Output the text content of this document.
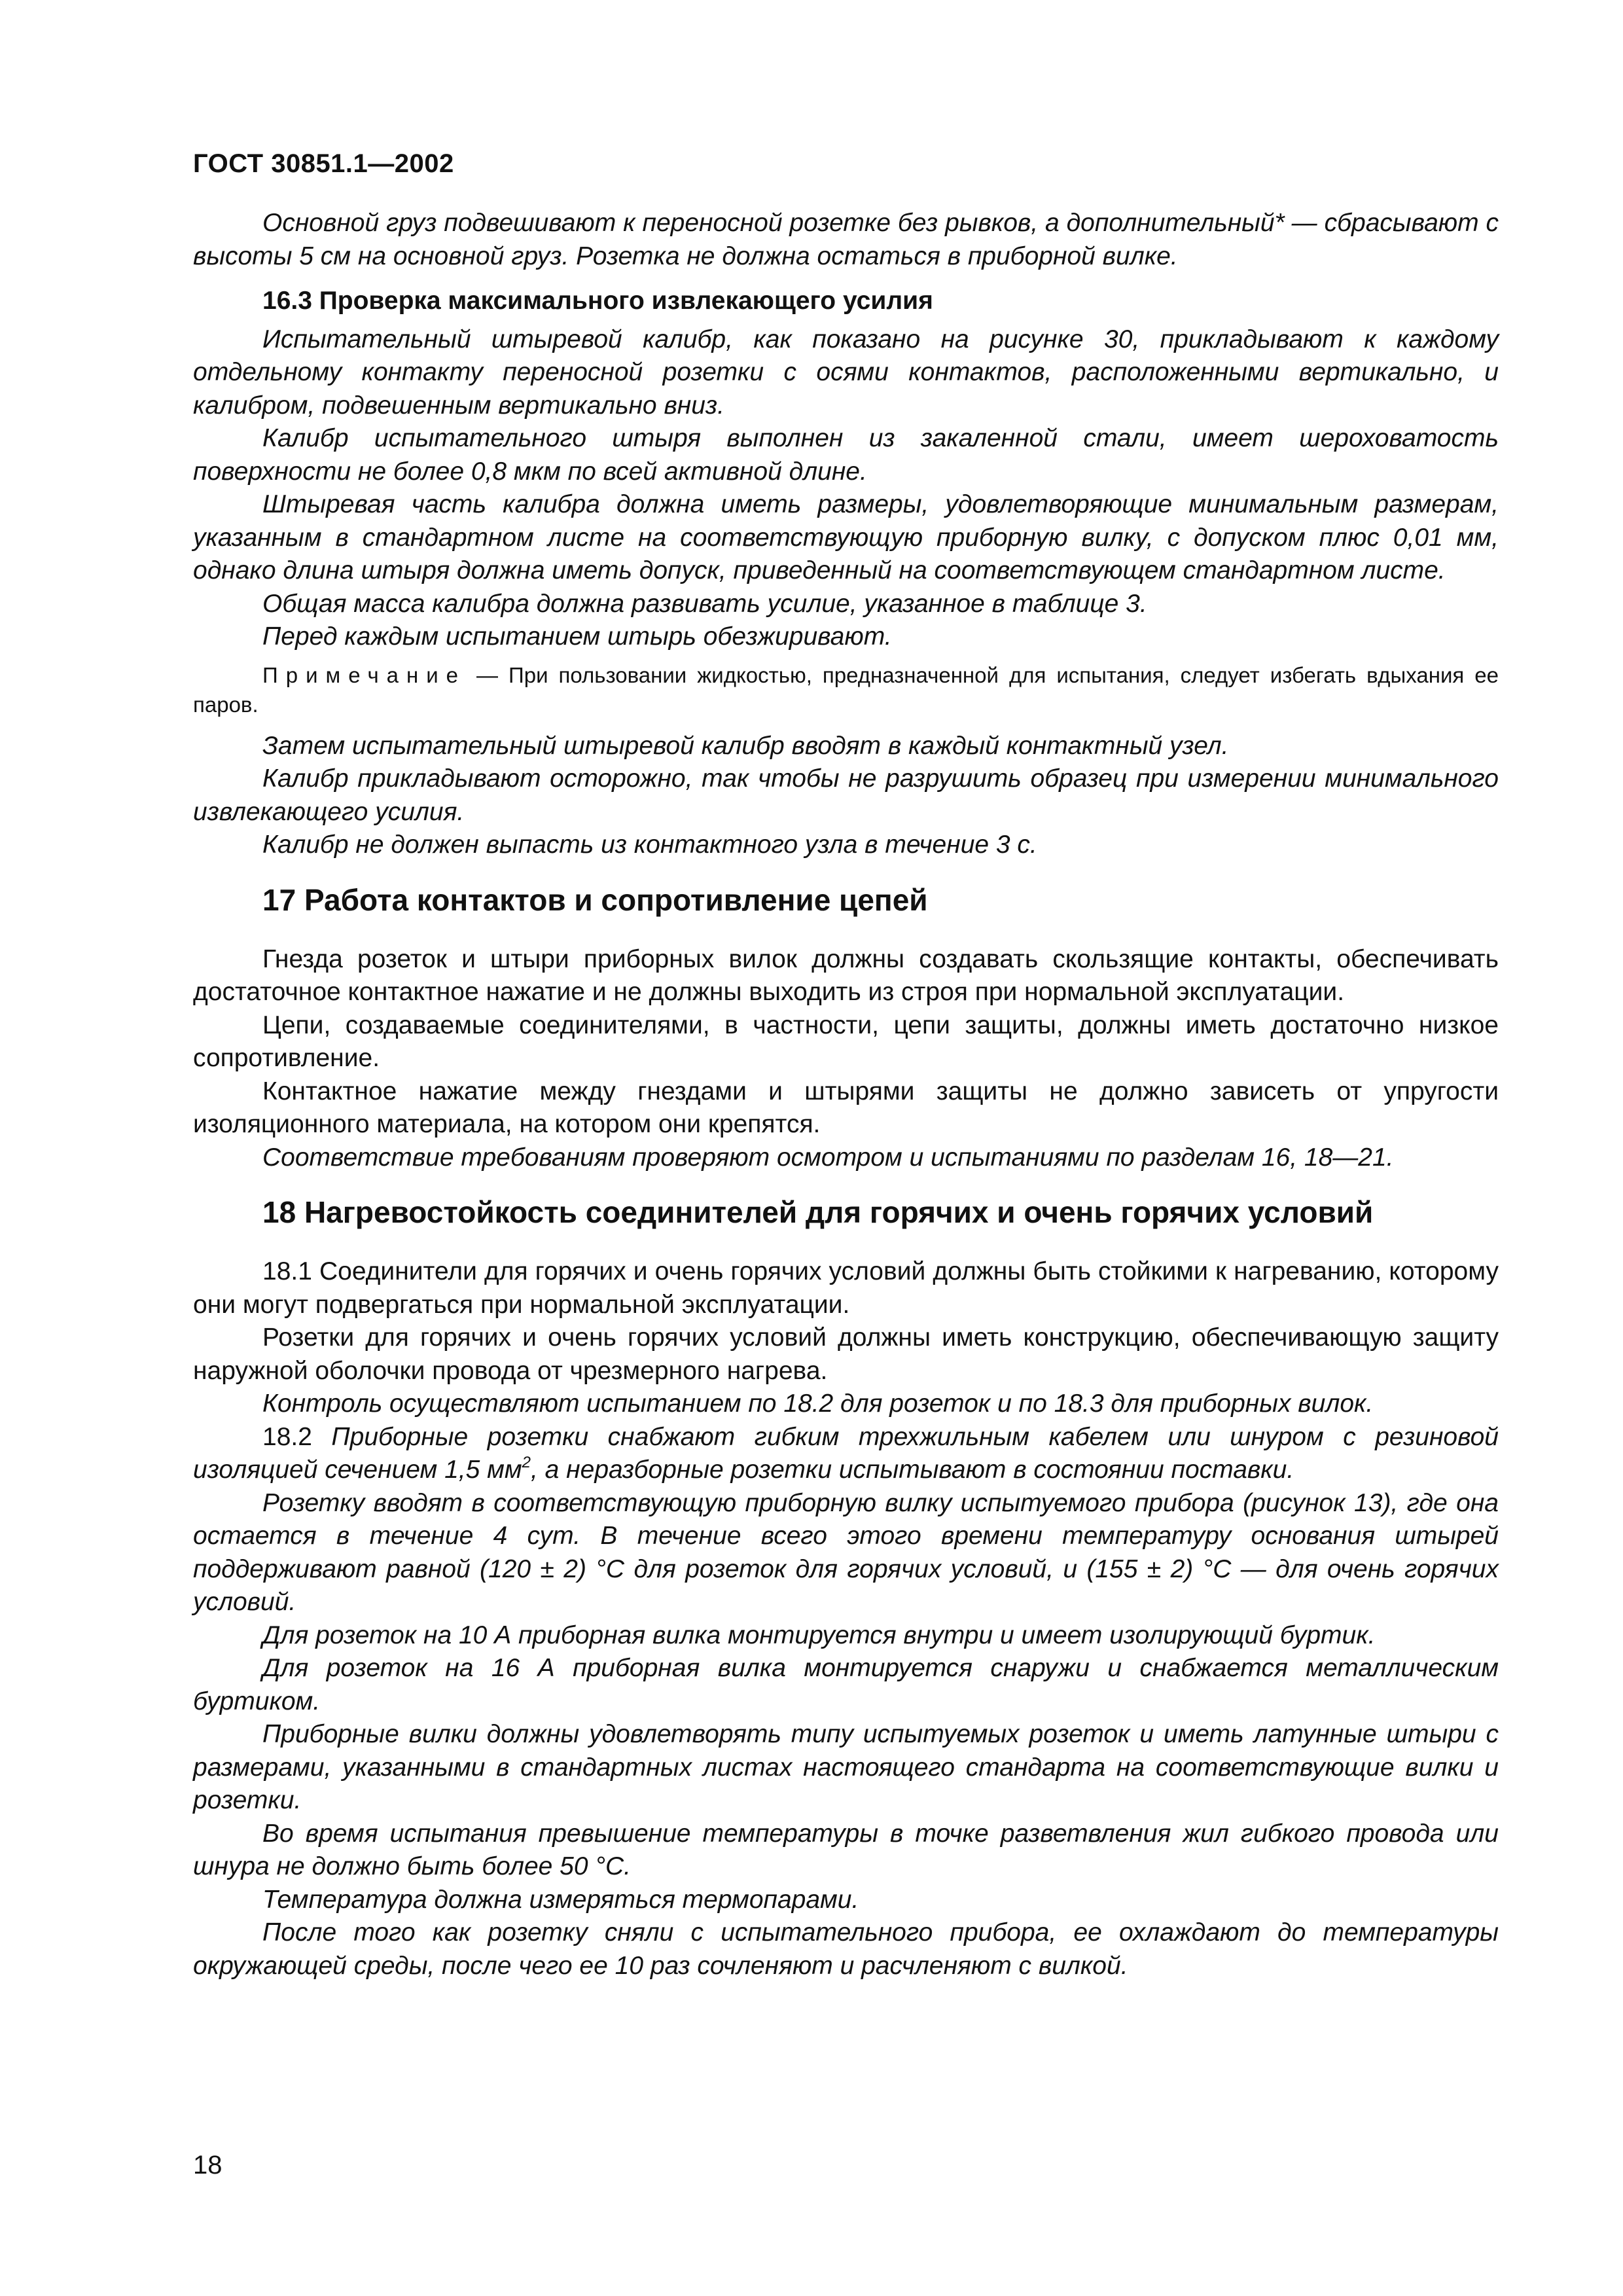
ГОСТ 30851.1—2002

Основной груз подвешивают к переносной розетке без рывков, а дополнительный* — сбрасывают с высоты 5 см на основной груз. Розетка не должна остаться в приборной вилке.

16.3 Проверка максимального извлекающего усилия

Испытательный штыревой калибр, как показано на рисунке 30, прикладывают к каждому отдельному контакту переносной розетки с осями контактов, расположенными вертикально, и калибром, подвешенным вертикально вниз.

Калибр испытательного штыря выполнен из закаленной стали, имеет шероховатость поверхности не более 0,8 мкм по всей активной длине.

Штыревая часть калибра должна иметь размеры, удовлетворяющие минимальным размерам, указанным в стандартном листе на соответствующую приборную вилку, с допуском плюс 0,01 мм, однако длина штыря должна иметь допуск, приведенный на соответствующем стандартном листе.

Общая масса калибра должна развивать усилие, указанное в таблице 3.

Перед каждым испытанием штырь обезжиривают.

Примечание — При пользовании жидкостью, предназначенной для испытания, следует избегать вдыхания ее паров.

Затем испытательный штыревой калибр вводят в каждый контактный узел.

Калибр прикладывают осторожно, так чтобы не разрушить образец при измерении минимального извлекающего усилия.

Калибр не должен выпасть из контактного узла в течение 3 с.

17 Работа контактов и сопротивление цепей

Гнезда розеток и штыри приборных вилок должны создавать скользящие контакты, обеспечивать достаточное контактное нажатие и не должны выходить из строя при нормальной эксплуатации.

Цепи, создаваемые соединителями, в частности, цепи защиты, должны иметь достаточно низкое сопротивление.

Контактное нажатие между гнездами и штырями защиты не должно зависеть от упругости изоляционного материала, на котором они крепятся.

Соответствие требованиям проверяют осмотром и испытаниями по разделам 16, 18—21.

18 Нагревостойкость соединителей для горячих и очень горячих условий

18.1 Соединители для горячих и очень горячих условий должны быть стойкими к нагреванию, которому они могут подвергаться при нормальной эксплуатации.

Розетки для горячих и очень горячих условий должны иметь конструкцию, обеспечивающую защиту наружной оболочки провода от чрезмерного нагрева.

Контроль осуществляют испытанием по 18.2 для розеток и по 18.3 для приборных вилок.

18.2 Приборные розетки снабжают гибким трехжильным кабелем или шнуром с резиновой изоляцией сечением 1,5 $мм^2$, а неразборные розетки испытывают в состоянии поставки.

Розетку вводят в соответствующую приборную вилку испытуемого прибора (рисунок 13), где она остается в течение 4 сут. В течение всего этого времени температуру основания штырей поддерживают равной (120 ± 2) °С для розеток для горячих условий, и (155 ± 2) °С — для очень горячих условий.

Для розеток на 10 А приборная вилка монтируется внутри и имеет изолирующий буртик.

Для розеток на 16 А приборная вилка монтируется снаружи и снабжается металлическим буртиком.

Приборные вилки должны удовлетворять типу испытуемых розеток и иметь латунные штыри с размерами, указанными в стандартных листах настоящего стандарта на соответствующие вилки и розетки.

Во время испытания превышение температуры в точке разветвления жил гибкого провода или шнура не должно быть более 50 °С.

Температура должна измеряться термопарами.

После того как розетку сняли с испытательного прибора, ее охлаждают до температуры окружающей среды, после чего ее 10 раз сочленяют и расчленяют с вилкой.

18
